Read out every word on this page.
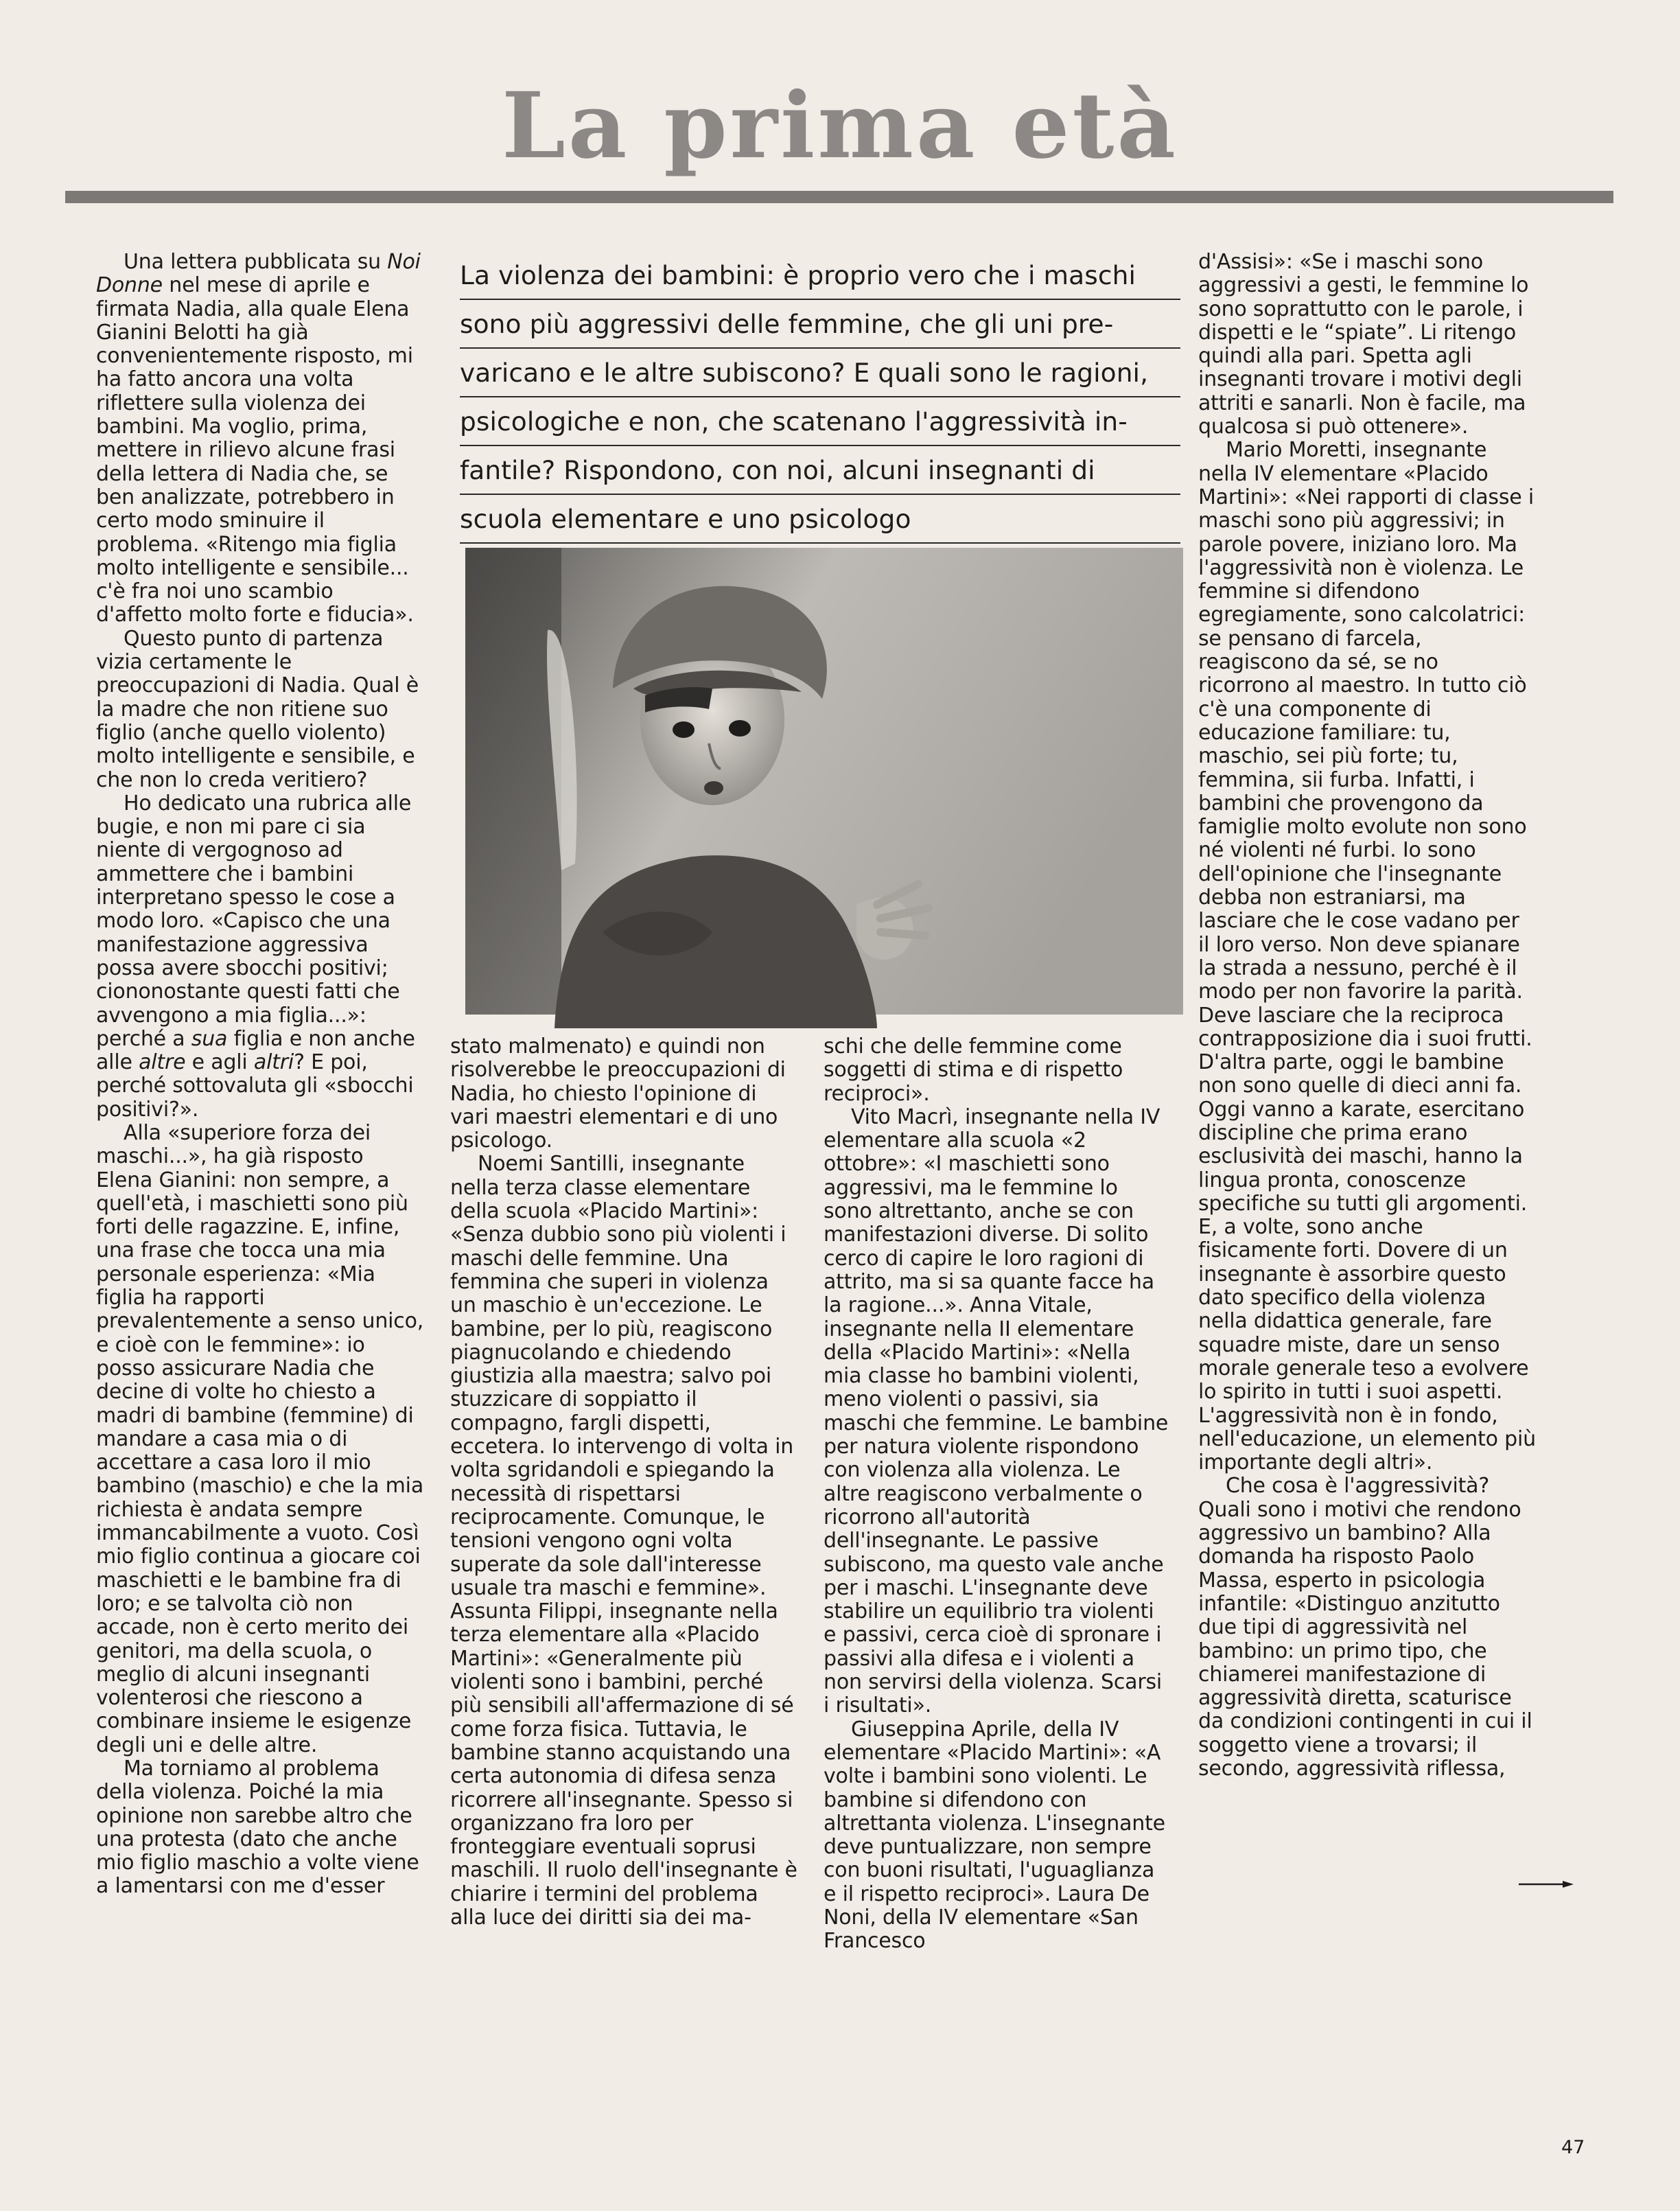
La prima età
La violenza dei bambini: è proprio vero che i maschi
sono più aggressivi delle femmine, che gli uni pre-
varicano e le altre subiscono? E quali sono le ragioni,
psicologiche e non, che scatenano l'aggressività in-
fantile? Rispondono, con noi, alcuni insegnanti di
scuola elementare e uno psicologo

Una lettera pubblicata su Noi Donne nel mese di aprile e firmata Nadia, alla quale Elena Gianini Belotti ha già convenientemente risposto, mi ha fatto ancora una volta riflettere sulla violenza dei bambini. Ma voglio, prima, mettere in rilievo alcune frasi della lettera di Nadia che, se ben analizzate, potrebbero in certo modo sminuire il problema. «Ritengo mia figlia molto intelligente e sensibile... c'è fra noi uno scambio d'affetto molto forte e fiducia».

Questo punto di partenza vizia certamente le preoccupazioni di Nadia. Qual è la madre che non ritiene suo figlio (anche quello violento) molto intelligente e sensibile, e che non lo creda veritiero?

Ho dedicato una rubrica alle bugie, e non mi pare ci sia niente di vergognoso ad ammettere che i bambini interpretano spesso le cose a modo loro. «Capisco che una manifestazione aggressiva possa avere sbocchi positivi; ciononostante questi fatti che avvengono a mia figlia...»: perché a sua figlia e non anche alle altre e agli altri? E poi, perché sottovaluta gli «sbocchi positivi?».

Alla «superiore forza dei maschi...», ha già risposto Elena Gianini: non sempre, a quell'età, i maschietti sono più forti delle ragazzine. E, infine, una frase che tocca una mia personale esperienza: «Mia figlia ha rapporti prevalentemente a senso unico, e cioè con le femmine»: io posso assicurare Nadia che decine di volte ho chiesto a madri di bambine (femmine) di mandare a casa mia o di accettare a casa loro il mio bambino (maschio) e che la mia richiesta è andata sempre immancabilmente a vuoto. Così mio figlio continua a giocare coi maschietti e le bambine fra di loro; e se talvolta ciò non accade, non è certo merito dei genitori, ma della scuola, o meglio di alcuni insegnanti volenterosi che riescono a combinare insieme le esigenze degli uni e delle altre.

Ma torniamo al problema della violenza. Poiché la mia opinione non sarebbe altro che una protesta (dato che anche mio figlio maschio a volte viene a lamentarsi con me d'esser

stato malmenato) e quindi non risolverebbe le preoccupazioni di Nadia, ho chiesto l'opinione di vari maestri elementari e di uno psicologo.

Noemi Santilli, insegnante nella terza classe elementare della scuola «Placido Martini»: «Senza dubbio sono più violenti i maschi delle femmine. Una femmina che superi in violenza un maschio è un'eccezione. Le bambine, per lo più, reagiscono piagnucolando e chiedendo giustizia alla maestra; salvo poi stuzzicare di soppiatto il compagno, fargli dispetti, eccetera. Io intervengo di volta in volta sgridandoli e spiegando la necessità di rispettarsi reciprocamente. Comunque, le tensioni vengono ogni volta superate da sole dall'interesse usuale tra maschi e femmine». Assunta Filippi, insegnante nella terza elementare alla «Placido Martini»: «Generalmente più violenti sono i bambini, perché più sensibili all'affermazione di sé come forza fisica. Tuttavia, le bambine stanno acquistando una certa autonomia di difesa senza ricorrere all'insegnante. Spesso si organizzano fra loro per fronteggiare eventuali soprusi maschili. Il ruolo dell'insegnante è chiarire i termini del problema alla luce dei diritti sia dei ma-

schi che delle femmine come soggetti di stima e di rispetto reciproci».

Vito Macrì, insegnante nella IV elementare alla scuola «2 ottobre»: «I maschietti sono aggressivi, ma le femmine lo sono altrettanto, anche se con manifestazioni diverse. Di solito cerco di capire le loro ragioni di attrito, ma si sa quante facce ha la ragione...». Anna Vitale, insegnante nella II elementare della «Placido Martini»: «Nella mia classe ho bambini violenti, meno violenti o passivi, sia maschi che femmine. Le bambine per natura violente rispondono con violenza alla violenza. Le altre reagiscono verbalmente o ricorrono all'autorità dell'insegnante. Le passive subiscono, ma questo vale anche per i maschi. L'insegnante deve stabilire un equilibrio tra violenti e passivi, cerca cioè di spronare i passivi alla difesa e i violenti a non servirsi della violenza. Scarsi i risultati».

Giuseppina Aprile, della IV elementare «Placido Martini»: «A volte i bambini sono violenti. Le bambine si difendono con altrettanta violenza. L'insegnante deve puntualizzare, non sempre con buoni risultati, l'uguaglianza e il rispetto reciproci». Laura De Noni, della IV elementare «San Francesco

d'Assisi»: «Se i maschi sono aggressivi a gesti, le femmine lo sono soprattutto con le parole, i dispetti e le “spiate”. Li ritengo quindi alla pari. Spetta agli insegnanti trovare i motivi degli attriti e sanarli. Non è facile, ma qualcosa si può ottenere».

Mario Moretti, insegnante nella IV elementare «Placido Martini»: «Nei rapporti di classe i maschi sono più aggressivi; in parole povere, iniziano loro. Ma l'aggressività non è violenza. Le femmine si difendono egregiamente, sono calcolatrici: se pensano di farcela, reagiscono da sé, se no ricorrono al maestro. In tutto ciò c'è una componente di educazione familiare: tu, maschio, sei più forte; tu, femmina, sii furba. Infatti, i bambini che provengono da famiglie molto evolute non sono né violenti né furbi. Io sono dell'opinione che l'insegnante debba non estraniarsi, ma lasciare che le cose vadano per il loro verso. Non deve spianare la strada a nessuno, perché è il modo per non favorire la parità. Deve lasciare che la reciproca contrapposizione dia i suoi frutti. D'altra parte, oggi le bambine non sono quelle di dieci anni fa. Oggi vanno a karate, esercitano discipline che prima erano esclusività dei maschi, hanno la lingua pronta, conoscenze specifiche su tutti gli argomenti. E, a volte, sono anche fisicamente forti. Dovere di un insegnante è assorbire questo dato specifico della violenza nella didattica generale, fare squadre miste, dare un senso morale generale teso a evolvere lo spirito in tutti i suoi aspetti. L'aggressività non è in fondo, nell'educazione, un elemento più importante degli altri».

Che cosa è l'aggressività? Quali sono i motivi che rendono aggressivo un bambino? Alla domanda ha risposto Paolo Massa, esperto in psicologia infantile: «Distinguo anzitutto due tipi di aggressività nel bambino: un primo tipo, che chiamerei manifestazione di aggressività diretta, scaturisce da condizioni contingenti in cui il soggetto viene a trovarsi; il secondo, aggressività riflessa,

47
